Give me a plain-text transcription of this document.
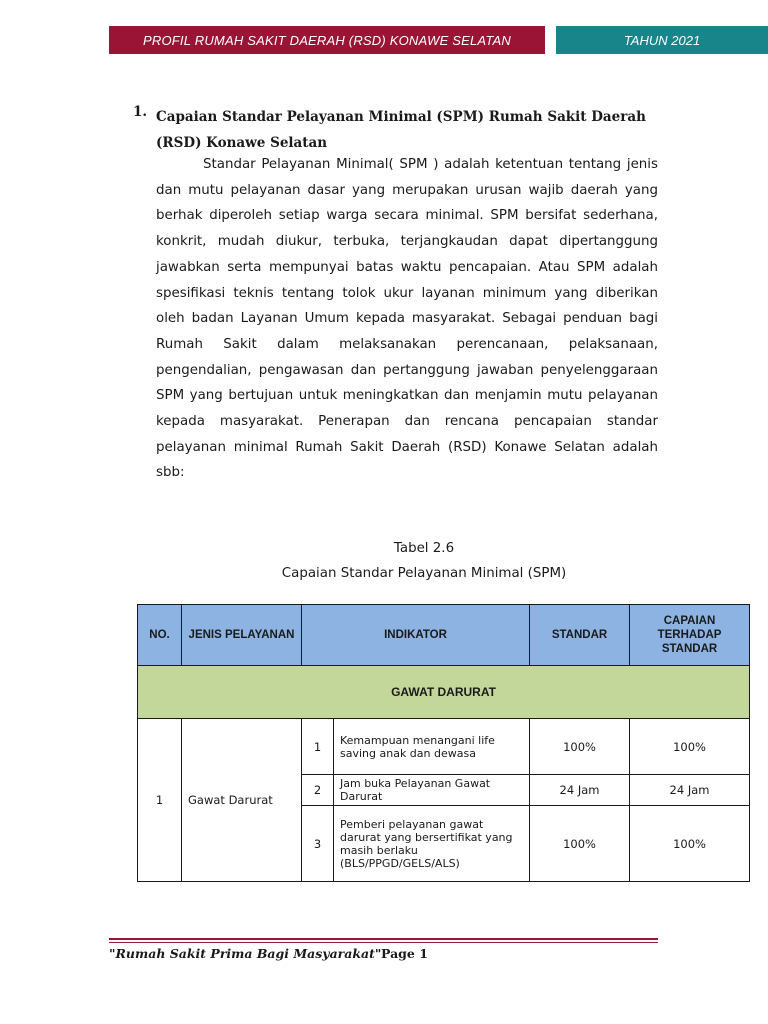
PROFIL RUMAH SAKIT DAERAH (RSD) KONAWE SELATAN	TAHUN 2021
1. Capaian Standar Pelayanan Minimal (SPM) Rumah Sakit Daerah (RSD) Konawe Selatan
Standar Pelayanan Minimal( SPM ) adalah ketentuan tentang jenis dan mutu pelayanan dasar yang merupakan urusan wajib daerah yang berhak diperoleh setiap warga secara minimal. SPM bersifat sederhana, konkrit, mudah diukur, terbuka, terjangkaudan dapat dipertanggung jawabkan serta mempunyai batas waktu pencapaian. Atau SPM adalah spesifikasi teknis tentang tolok ukur layanan minimum yang diberikan oleh badan Layanan Umum kepada masyarakat. Sebagai penduan bagi Rumah Sakit dalam melaksanakan perencanaan, pelaksanaan, pengendalian, pengawasan dan pertanggung jawaban penyelenggaraan SPM yang bertujuan untuk meningkatkan dan menjamin mutu pelayanan kepada masyarakat. Penerapan dan rencana pencapaian standar pelayanan minimal Rumah Sakit Daerah (RSD) Konawe Selatan adalah sbb:
Tabel 2.6
Capaian Standar Pelayanan Minimal (SPM)
NO.	JENIS PELAYANAN	INDIKATOR		STANDAR	CAPAIAN TERHADAP STANDAR
GAWAT DARURAT					
1	Gawat Darurat	1	Kemampuan menangani life saving anak dan dewasa	100%	100%
		2	Jam buka Pelayanan Gawat Darurat	24 Jam	24 Jam
		3	Pemberi pelayanan gawat darurat yang bersertifikat yang masih berlaku (BLS/PPGD/GELS/ALS)	100%	100%
"Rumah Sakit Prima Bagi Masyarakat" Page 1
